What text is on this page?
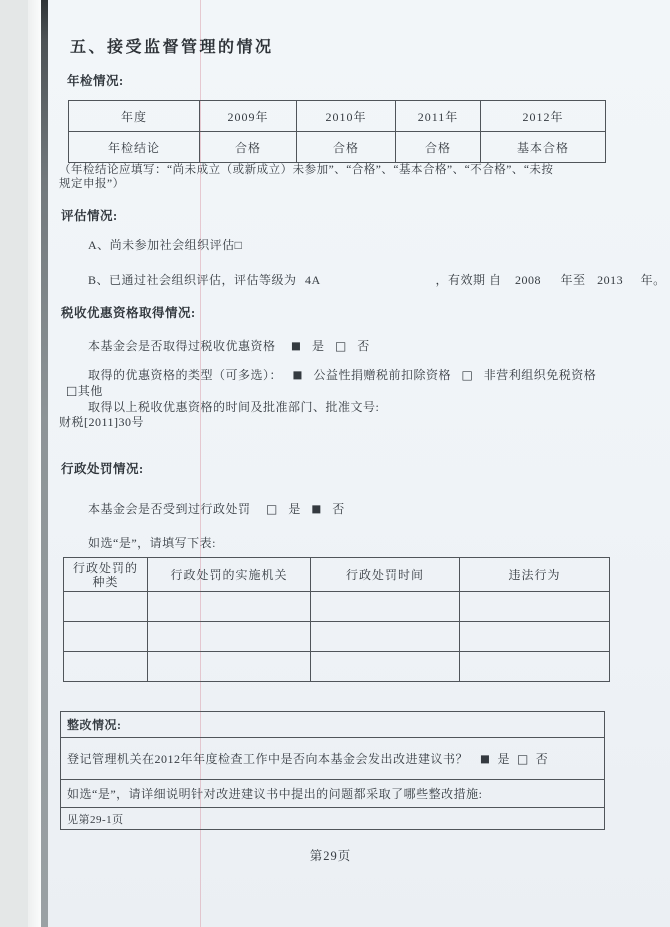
五、接受监督管理的情况
年检情况:
年度	2009年	2010年	2011年	2012年
年检结论	合格	合格	合格	基本合格
（年检结论应填写：“尚未成立（或新成立）未参加”、“合格”、“基本合格”、“不合格”、“未按
规定申报”）
评估情况:
A、尚未参加社会组织评估□
B、已通过社会组织评估，评估等级为 4A	，有效期 自 2008 年至 2013 年。
税收优惠资格取得情况:
本基金会是否取得过税收优惠资格 ■ 是 □ 否
取得的优惠资格的类型（可多选）： ■ 公益性捐赠税前扣除资格 □ 非营利组织免税资格
□其他
取得以上税收优惠资格的时间及批准部门、批准文号:
财税[2011]30号
行政处罚情况:
本基金会是否受到过行政处罚 □ 是 ■ 否
如选“是”，请填写下表:
行政处罚的种类	行政处罚的实施机关	行政处罚时间	违法行为

整改情况:
登记管理机关在2012年年度检查工作中是否向本基金会发出改进建议书？ ■ 是 □ 否
如选“是”，请详细说明针对改进建议书中提出的问题都采取了哪些整改措施:
见第29-1页
第29页
